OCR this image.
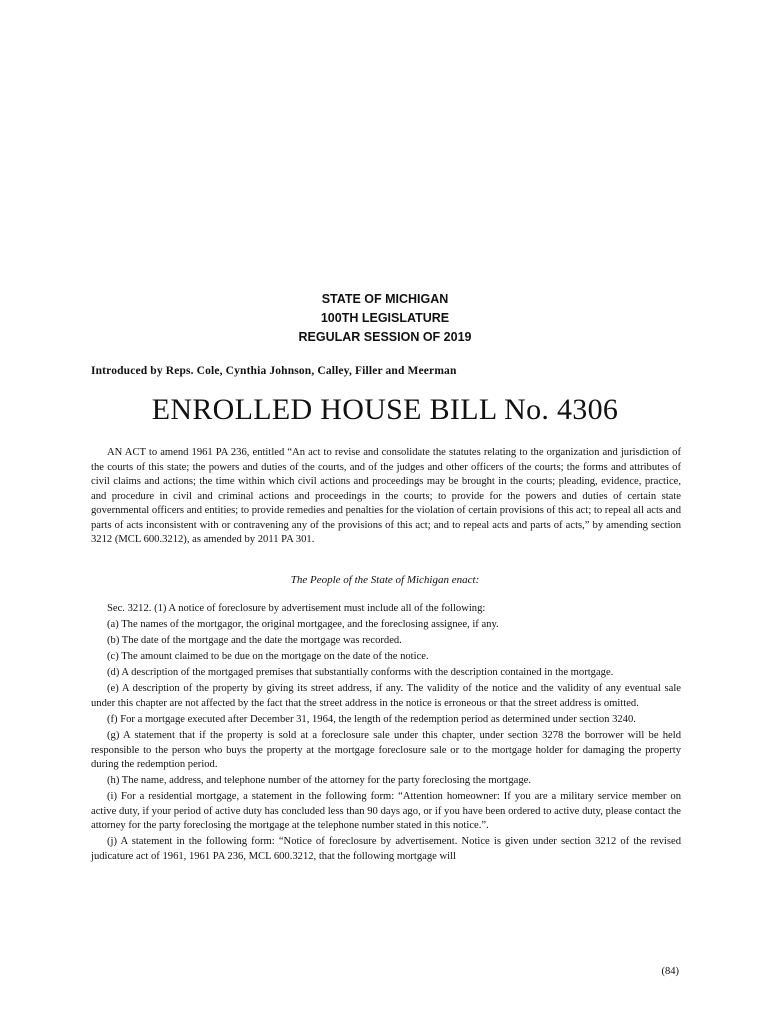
STATE OF MICHIGAN
100TH LEGISLATURE
REGULAR SESSION OF 2019
Introduced by Reps. Cole, Cynthia Johnson, Calley, Filler and Meerman
ENROLLED HOUSE BILL No. 4306

AN ACT to amend 1961 PA 236, entitled “An act to revise and consolidate the statutes relating to the organization and jurisdiction of the courts of this state; the powers and duties of the courts, and of the judges and other officers of the courts; the forms and attributes of civil claims and actions; the time within which civil actions and proceedings may be brought in the courts; pleading, evidence, practice, and procedure in civil and criminal actions and proceedings in the courts; to provide for the powers and duties of certain state governmental officers and entities; to provide remedies and penalties for the violation of certain provisions of this act; to repeal all acts and parts of acts inconsistent with or contravening any of the provisions of this act; and to repeal acts and parts of acts,” by amending section 3212 (MCL 600.3212), as amended by 2011 PA 301.

The People of the State of Michigan enact:

Sec. 3212. (1) A notice of foreclosure by advertisement must include all of the following:

(a) The names of the mortgagor, the original mortgagee, and the foreclosing assignee, if any.

(b) The date of the mortgage and the date the mortgage was recorded.

(c) The amount claimed to be due on the mortgage on the date of the notice.

(d) A description of the mortgaged premises that substantially conforms with the description contained in the mortgage.

(e) A description of the property by giving its street address, if any. The validity of the notice and the validity of any eventual sale under this chapter are not affected by the fact that the street address in the notice is erroneous or that the street address is omitted.

(f) For a mortgage executed after December 31, 1964, the length of the redemption period as determined under section 3240.

(g) A statement that if the property is sold at a foreclosure sale under this chapter, under section 3278 the borrower will be held responsible to the person who buys the property at the mortgage foreclosure sale or to the mortgage holder for damaging the property during the redemption period.

(h) The name, address, and telephone number of the attorney for the party foreclosing the mortgage.

(i) For a residential mortgage, a statement in the following form: “Attention homeowner: If you are a military service member on active duty, if your period of active duty has concluded less than 90 days ago, or if you have been ordered to active duty, please contact the attorney for the party foreclosing the mortgage at the telephone number stated in this notice.”.

(j) A statement in the following form: “Notice of foreclosure by advertisement. Notice is given under section 3212 of the revised judicature act of 1961, 1961 PA 236, MCL 600.3212, that the following mortgage will

(84)
